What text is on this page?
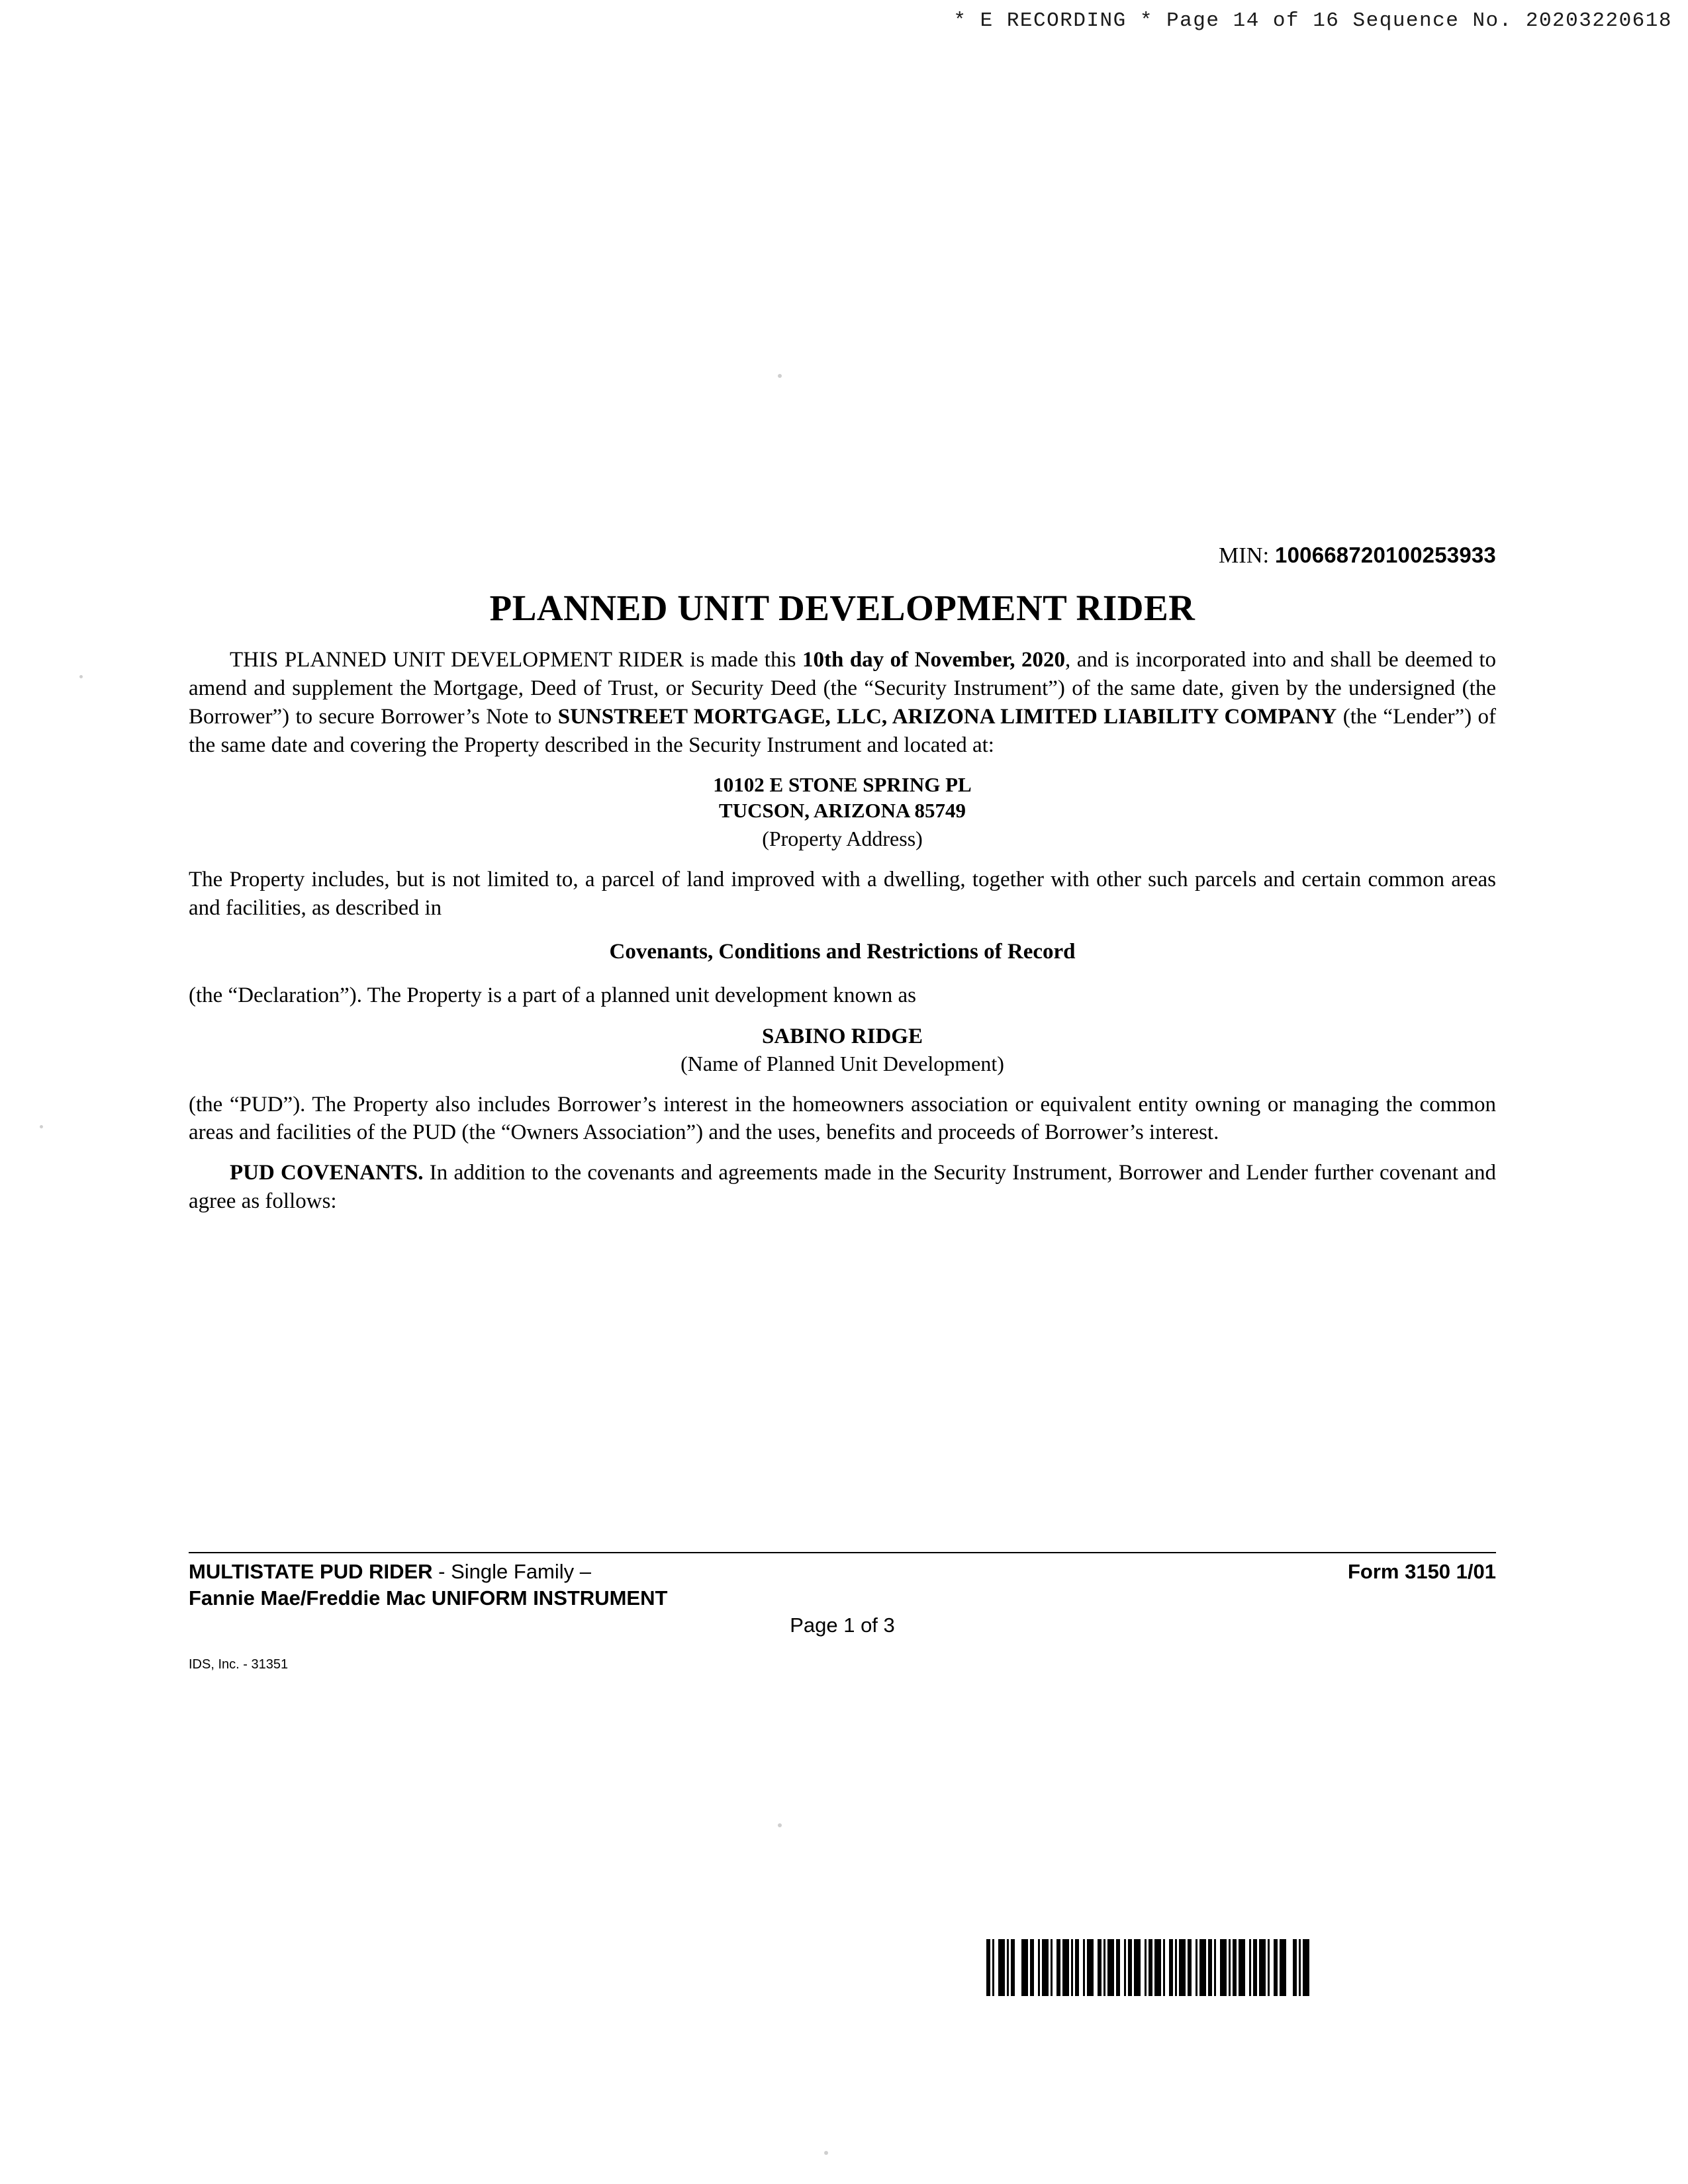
* E RECORDING * Page 14 of 16 Sequence No. 20203220618
MIN: 100668720100253933
PLANNED UNIT DEVELOPMENT RIDER

THIS PLANNED UNIT DEVELOPMENT RIDER is made this 10th day of November, 2020, and is incorporated into and shall be deemed to amend and supplement the Mortgage, Deed of Trust, or Security Deed (the “Security Instrument”) of the same date, given by the undersigned (the Borrower”) to secure Borrower’s Note to SUNSTREET MORTGAGE, LLC, ARIZONA LIMITED LIABILITY COMPANY (the “Lender”) of the same date and covering the Property described in the Security Instrument and located at:

10102 E STONE SPRING PL
TUCSON, ARIZONA 85749
(Property Address)

The Property includes, but is not limited to, a parcel of land improved with a dwelling, together with other such parcels and certain common areas and facilities, as described in

Covenants, Conditions and Restrictions of Record

(the “Declaration”). The Property is a part of a planned unit development known as

SABINO RIDGE
(Name of Planned Unit Development)

(the “PUD”). The Property also includes Borrower’s interest in the homeowners association or equivalent entity owning or managing the common areas and facilities of the PUD (the “Owners Association”) and the uses, benefits and proceeds of Borrower’s interest.

PUD COVENANTS. In addition to the covenants and agreements made in the Security Instrument, Borrower and Lender further covenant and agree as follows:

MULTISTATE PUD RIDER - Single Family –
Fannie Mae/Freddie Mac UNIFORM INSTRUMENT
Form 3150 1/01
Page 1 of 3
IDS, Inc. - 31351
